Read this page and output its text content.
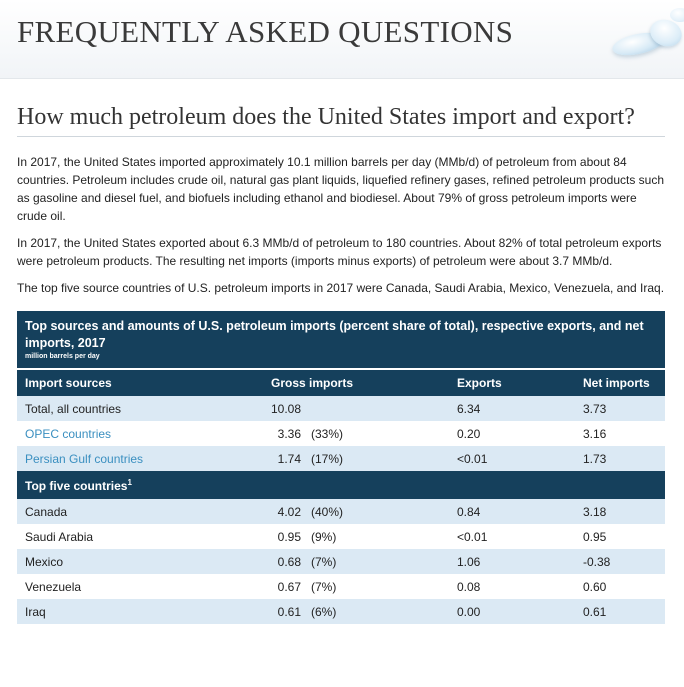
FREQUENTLY ASKED QUESTIONS
How much petroleum does the United States import and export?

In 2017, the United States imported approximately 10.1 million barrels per day (MMb/d) of petroleum from about 84 countries. Petroleum includes crude oil, natural gas plant liquids, liquefied refinery gases, refined petroleum products such as gasoline and diesel fuel, and biofuels including ethanol and biodiesel. About 79% of gross petroleum imports were crude oil.

In 2017, the United States exported about 6.3 MMb/d of petroleum to 180 countries. About 82% of total petroleum exports were petroleum products. The resulting net imports (imports minus exports) of petroleum were about 3.7 MMb/d.

The top five source countries of U.S. petroleum imports in 2017 were Canada, Saudi Arabia, Mexico, Venezuela, and Iraq.

Top sources and amounts of U.S. petroleum imports (percent share of total), respective exports, and net imports, 2017
million barrels per day			

Import sources	Gross imports	Exports	Net imports
Total, all countries	10.08	6.34	3.73
OPEC countries	3.36 (33%)	0.20	3.16
Persian Gulf countries	1.74 (17%)	<0.01	1.73
Top five countries$^1$
Canada	4.02 (40%)	0.84	3.18
Saudi Arabia	0.95 (9%)	<0.01	0.95
Mexico	0.68 (7%)	1.06	-0.38
Venezuela	0.67 (7%)	0.08	0.60
Iraq	0.61 (6%)	0.00	0.61
